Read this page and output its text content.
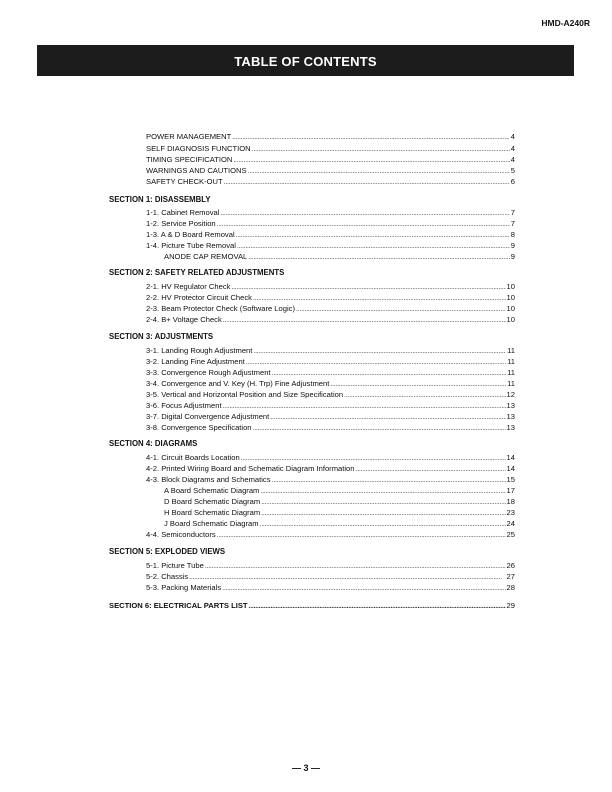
HMD-A240R
TABLE OF CONTENTS
POWER MANAGEMENT . . .	4
SELF DIAGNOSIS FUNCTION . . .	4
TIMING SPECIFICATION . . .	4
WARNINGS AND CAUTIONS . . .	5
SAFETY CHECK-OUT . . .	6
SECTION 1: DISASSEMBLY
1-1. Cabinet Removal . . .	7
1-2. Service Position . . .	7
1-3. A & D Board Removal . . .	8
1-4. Picture Tube Removal . . .	9
ANODE CAP REMOVAL . . .	9
SECTION 2: SAFETY RELATED ADJUSTMENTS
2-1. HV Regulator Check . . .	10
2-2. HV Protector Circuit Check . . .	10
2-3. Beam Protector Check (Software Logic) . . .	10
2-4. B+ Voltage Check . . .	10
SECTION 3: ADJUSTMENTS
3-1. Landing Rough Adjustment . . .	11
3-2. Landing Fine Adjustment . . .	11
3-3. Convergence Rough Adjustment . . .	11
3-4. Convergence and V. Key (H. Trp) Fine Adjustment . . .	11
3-5. Vertical and Horizontal Position and Size Specification . . .	12
3-6. Focus Adjustment . . .	13
3-7. Digital Convergence Adjustment . . .	13
3-8. Convergence Specification . . .	13
SECTION 4: DIAGRAMS
4-1. Circuit Boards Location . . .	14
4-2. Printed Wiring Board and Schematic Diagram Information . . .	14
4-3. Block Diagrams and Schematics . . .	15
A Board Schematic Diagram . . .	17
D Board Schematic Diagram . . .	18
H Board Schematic Diagram . . .	23
J Board Schematic Diagram . . .	24
4-4. Semiconductors . . .	25
SECTION 5: EXPLODED VIEWS
5-1. Picture Tube . . .	26
5-2. Chassis . . .	27
5-3. Packing Materials . . .	28
SECTION 6: ELECTRICAL PARTS LIST . . .	29
— 3 —
